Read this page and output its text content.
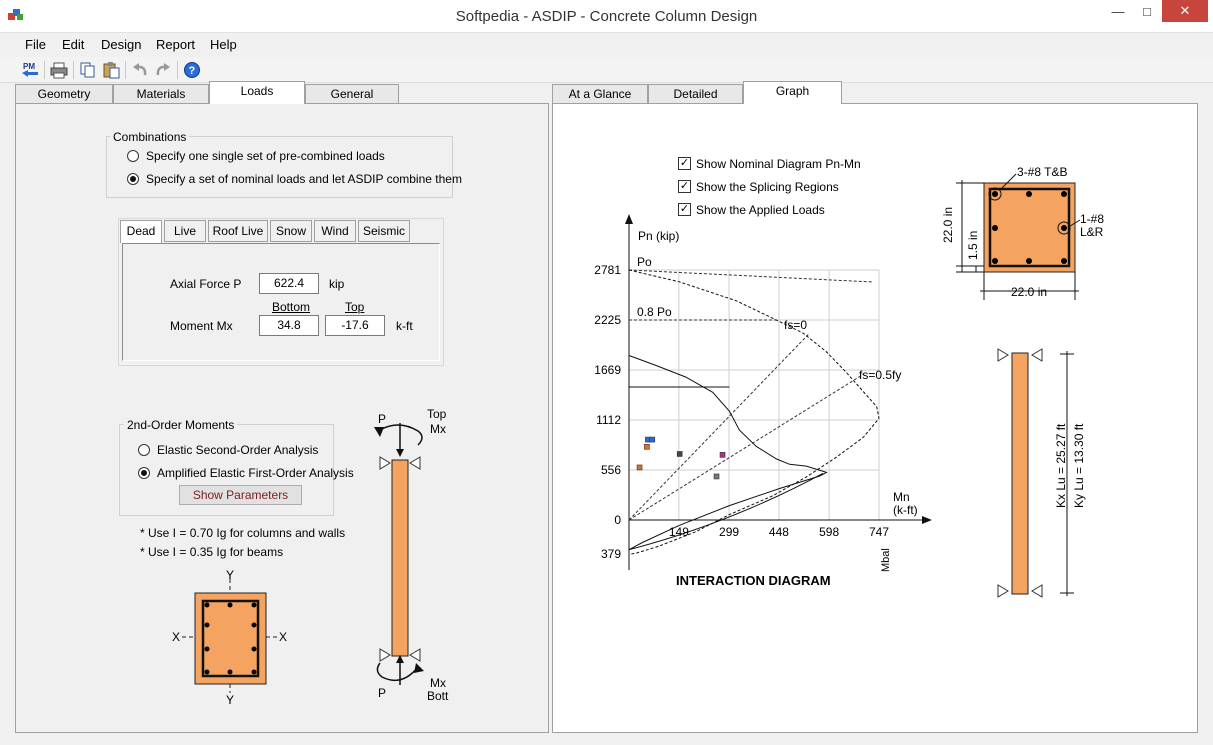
Softpedia - ASDIP - Concrete Column Design	—	□	✕
File Edit Design Report Help
PM	?
Geometry	Materials	Loads	General
Combinations
Specify one single set of pre-combined loads
Specify a set of nominal loads and let ASDIP combine them
Dead	Live	Roof Live	Snow	Wind	Seismic
Axial Force P	622.4	kip
Bottom	Top
Moment Mx	34.8	-17.6	k-ft
2nd-Order Moments
Elastic Second-Order Analysis
Amplified Elastic First-Order Analysis
Show Parameters
* Use I = 0.70 Ig for columns and walls
* Use I = 0.35 Ig for beams
Y
Y
X	X
P	Top
Mx
P
Mx
Bott
At a Glance	Detailed	Graph
✓ Show Nominal Diagram Pn-Mn
✓ Show the Splicing Regions
✓ Show the Applied Loads
149	299 448	598 747
2781
2225
1669
1112
556
0
379
Pn (kip)
Mn
(k-ft)
INTERACTION DIAGRAM
Po
0.8 Po
fs=0
fs=0.5fy
Mbal
3-#8 T&B
1-#8
L&R
22.0 in
1.5 in
22.0 in
Kx Lu = 25.27 ft Ky Lu = 13.30 ft
